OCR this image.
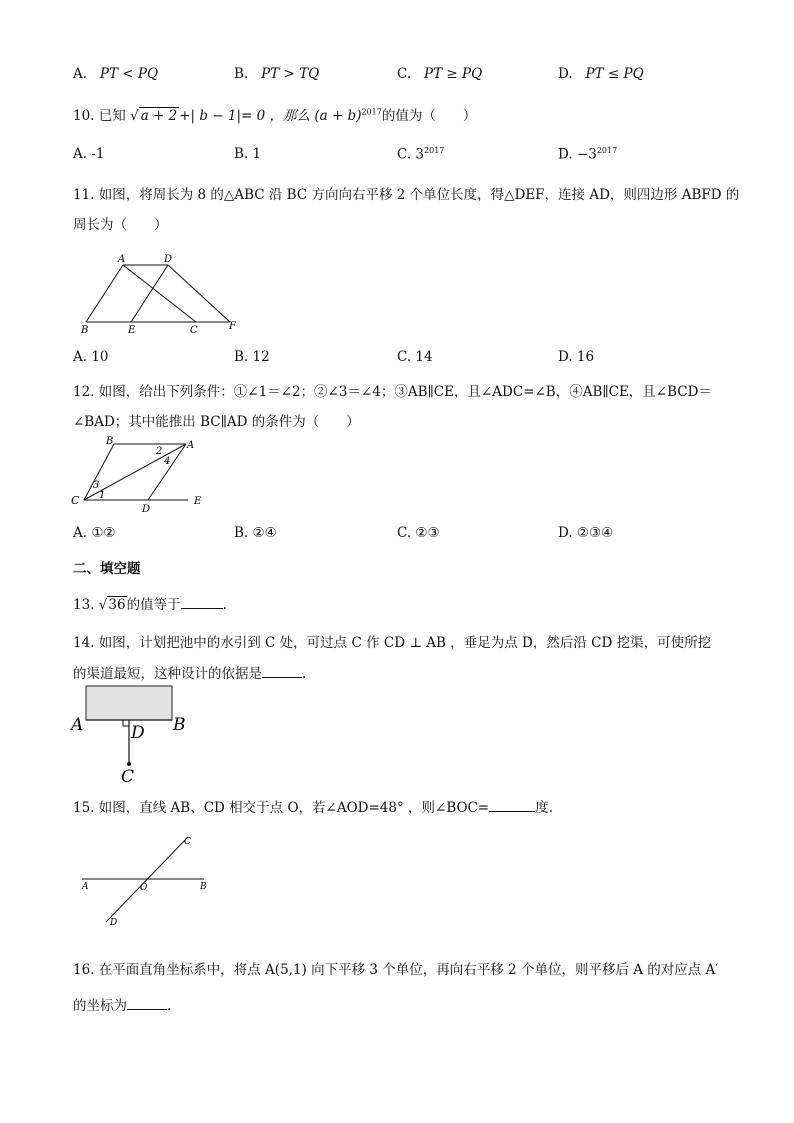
A. PT < PQ	B. PT > TQ	C. PT ≥ PQ	D. PT ≤ PQ
10. 已知 √ a + 2 +| b − 1|= 0 ，那么 $(a + b)^{2017}$的值为（　　）
A. -1	B. 1	C. $3^{2017}$	D. $-3^{2017}$
11. 如图，将周长为 8 的△ABC 沿 BC 方向向右平移 2 个单位长度，得△DEF，连接 AD，则四边形 ABFD 的
周长为（　　）
A	D
B	E	C	F
A. 10	B. 12	C. 14	D. 16
12. 如图，给出下列条件：①∠1＝∠2；②∠3＝∠4；③AB∥CE，且∠ADC=∠B，④AB∥CE，且∠BCD＝
∠BAD；其中能推出 BC∥AD 的条件为（　　）
B	A
C
D
E
2
4
3
1
A. ①②	B. ②④	C. ②③	D. ②③④
二、填空题
13. √36的值等于	.
14. 如图，计划把池中的水引到 C 处，可过点 C 作 CD ⊥ AB ，垂足为点 D，然后沿 CD 挖渠，可使所挖
的渠道最短，这种设计的依据是	.
A	B
D
C
15. 如图，直线 AB、CD 相交于点 O，若∠AOD=48° ，则∠BOC=	度.
A	B
C
D
O
16. 在平面直角坐标系中，将点 A(5,1) 向下平移 3 个单位，再向右平移 2 个单位，则平移后 A 的对应点 A′
的坐标为	.
